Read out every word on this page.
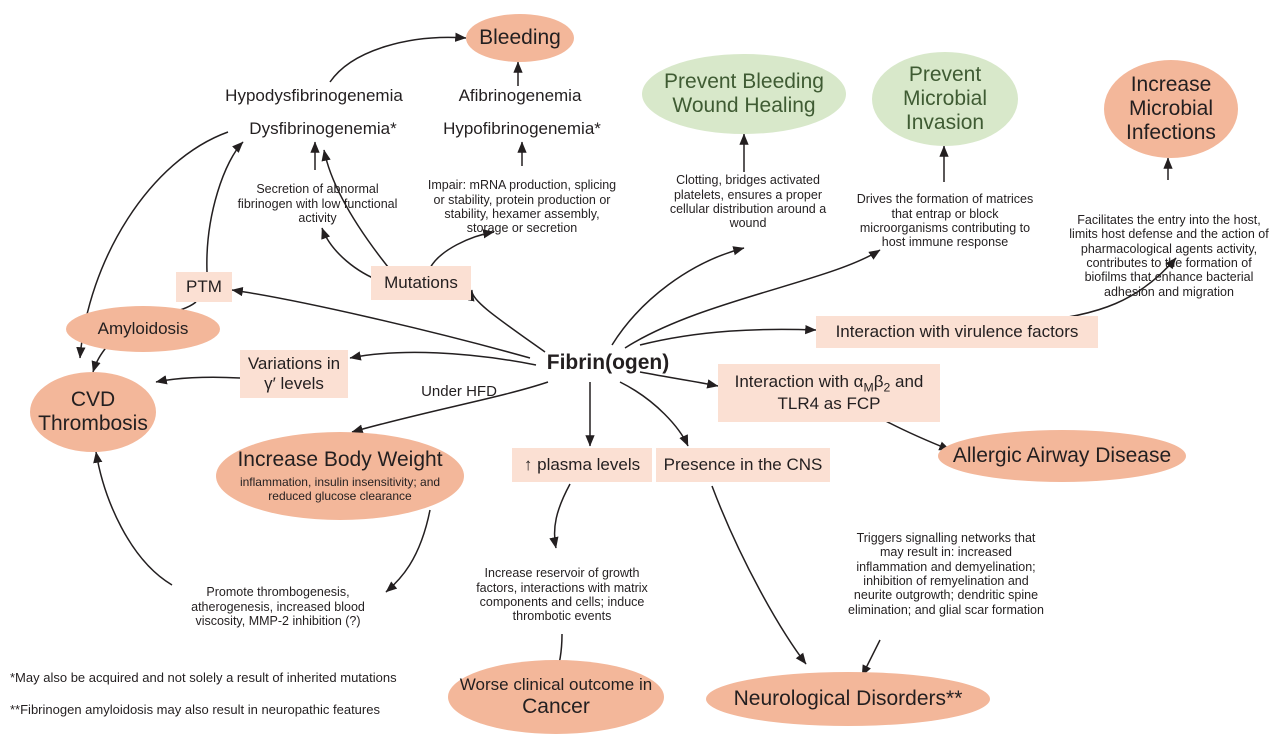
Bleeding
Hypodysfibrinogenemia	Afibrinogenemia
Dysfibrinogenemia*	Hypofibrinogenemia*
Secretion of abnormal fibrinogen with low functional activity
Impair: mRNA production, splicing or stability, protein production or stability, hexamer assembly, storage or secretion
PTM	Mutations
Amyloidosis
Variations in γ′ levels
CVD Thrombosis
Fibrin(ogen)
Under HFD
Prevent Bleeding Wound Healing
Clotting, bridges activated platelets, ensures a proper cellular distribution around a wound
Prevent Microbial Invasion
Drives the formation of matrices that entrap or block microorganisms contributing to host immune response
Increase Microbial Infections
Facilitates the entry into the host, limits host defense and the action of pharmacological agents activity, contributes to the formation of biofilms that enhance bacterial adhesion and migration
Interaction with virulence factors
Interaction with $\alpha_M\beta_2$ and TLR4 as FCP
Allergic Airway Disease
Increase Body Weight
inflammation, insulin insensitivity; and reduced glucose clearance
↑ plasma levels Presence in the CNS
Increase reservoir of growth factors, interactions with matrix components and cells; induce thrombotic events
Promote thrombogenesis, atherogenesis, increased blood viscosity, MMP-2 inhibition (?)
Triggers signalling networks that may result in: increased inflammation and demyelination; inhibition of remyelination and neurite outgrowth; dendritic spine elimination; and glial scar formation
Worse clinical outcome in
Cancer	Neurological Disorders**
*May also be acquired and not solely a result of inherited mutations
**Fibrinogen amyloidosis may also result in neuropathic features
